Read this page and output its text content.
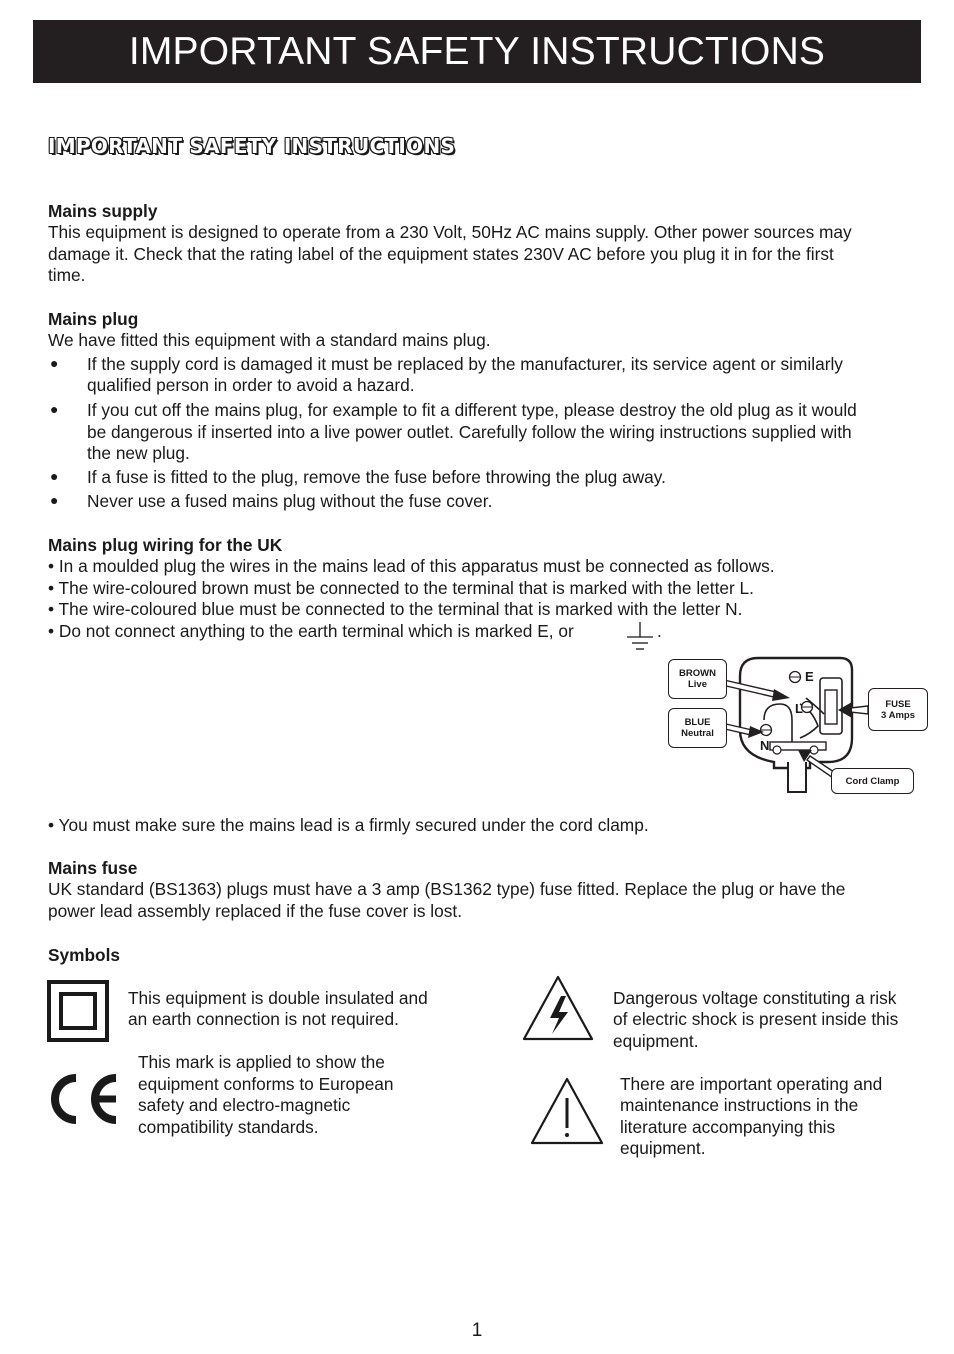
IMPORTANT SAFETY INSTRUCTIONS
IMPORTANT SAFETY INSTRUCTIONS
Mains supply
This equipment is designed to operate from a 230 Volt, 50Hz AC mains supply. Other power sources may
damage it. Check that the rating label of the equipment states 230V AC before you plug it in for the first
time.
Mains plug
We have fitted this equipment with a standard mains plug.
● If the supply cord is damaged it must be replaced by the manufacturer, its service agent or similarly
qualified person in order to avoid a hazard.
● If you cut off the mains plug, for example to fit a different type, please destroy the old plug as it would
be dangerous if inserted into a live power outlet. Carefully follow the wiring instructions supplied with
the new plug.
● If a fuse is fitted to the plug, remove the fuse before throwing the plug away.
● Never use a fused mains plug without the fuse cover.
Mains plug wiring for the UK
• In a moulded plug the wires in the mains lead of this apparatus must be connected as follows.
• The wire-coloured brown must be connected to the terminal that is marked with the letter L.
• The wire-coloured blue must be connected to the terminal that is marked with the letter N.
• Do not connect anything to the earth terminal which is marked E, or	.
E
L
N
BROWN
Live
BLUE
Neutral
FUSE
3 Amps
Cord Clamp
• You must make sure the mains lead is a firmly secured under the cord clamp.
Mains fuse
UK standard (BS1363) plugs must have a 3 amp (BS1362 type) fuse fitted. Replace the plug or have the
power lead assembly replaced if the fuse cover is lost.
Symbols
This equipment is double insulated and
an earth connection is not required.
This mark is applied to show the
equipment conforms to European
safety and electro-magnetic
compatibility standards.
Dangerous voltage constituting a risk
of electric shock is present inside this
equipment.
There are important operating and
maintenance instructions in the
literature accompanying this
equipment.
1
